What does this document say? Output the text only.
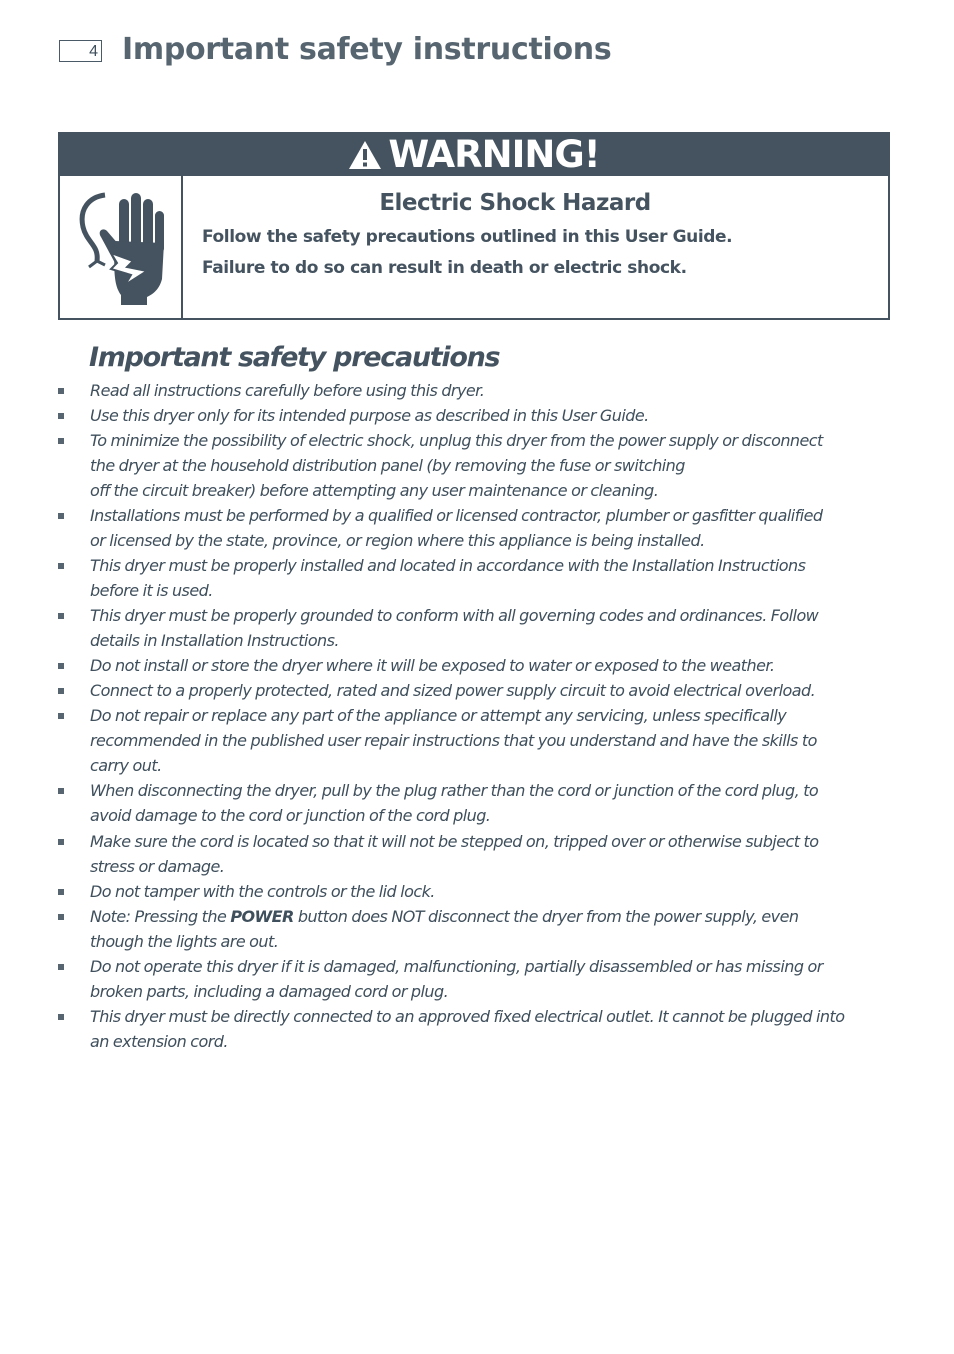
4 Important safety instructions
WARNING!
Electric Shock Hazard
Follow the safety precautions outlined in this User Guide.
Failure to do so can result in death or electric shock.
Important safety precautions
Read all instructions carefully before using this dryer.
Use this dryer only for its intended purpose as described in this User Guide.
To minimize the possibility of electric shock, unplug this dryer from the power supply or disconnect
the dryer at the household distribution panel (by removing the fuse or switching
off the circuit breaker) before attempting any user maintenance or cleaning.
Installations must be performed by a qualified or licensed contractor, plumber or gasfitter qualified
or licensed by the state, province, or region where this appliance is being installed.
This dryer must be properly installed and located in accordance with the Installation Instructions
before it is used.
This dryer must be properly grounded to conform with all governing codes and ordinances. Follow
details in Installation Instructions.
Do not install or store the dryer where it will be exposed to water or exposed to the weather.
Connect to a properly protected, rated and sized power supply circuit to avoid electrical overload.
Do not repair or replace any part of the appliance or attempt any servicing, unless specifically
recommended in the published user repair instructions that you understand and have the skills to
carry out.
When disconnecting the dryer, pull by the plug rather than the cord or junction of the cord plug, to
avoid damage to the cord or junction of the cord plug.
Make sure the cord is located so that it will not be stepped on, tripped over or otherwise subject to
stress or damage.
Do not tamper with the controls or the lid lock.
Note: Pressing the POWER button does NOT disconnect the dryer from the power supply, even
though the lights are out.
Do not operate this dryer if it is damaged, malfunctioning, partially disassembled or has missing or
broken parts, including a damaged cord or plug.
This dryer must be directly connected to an approved fixed electrical outlet. It cannot be plugged into
an extension cord.
